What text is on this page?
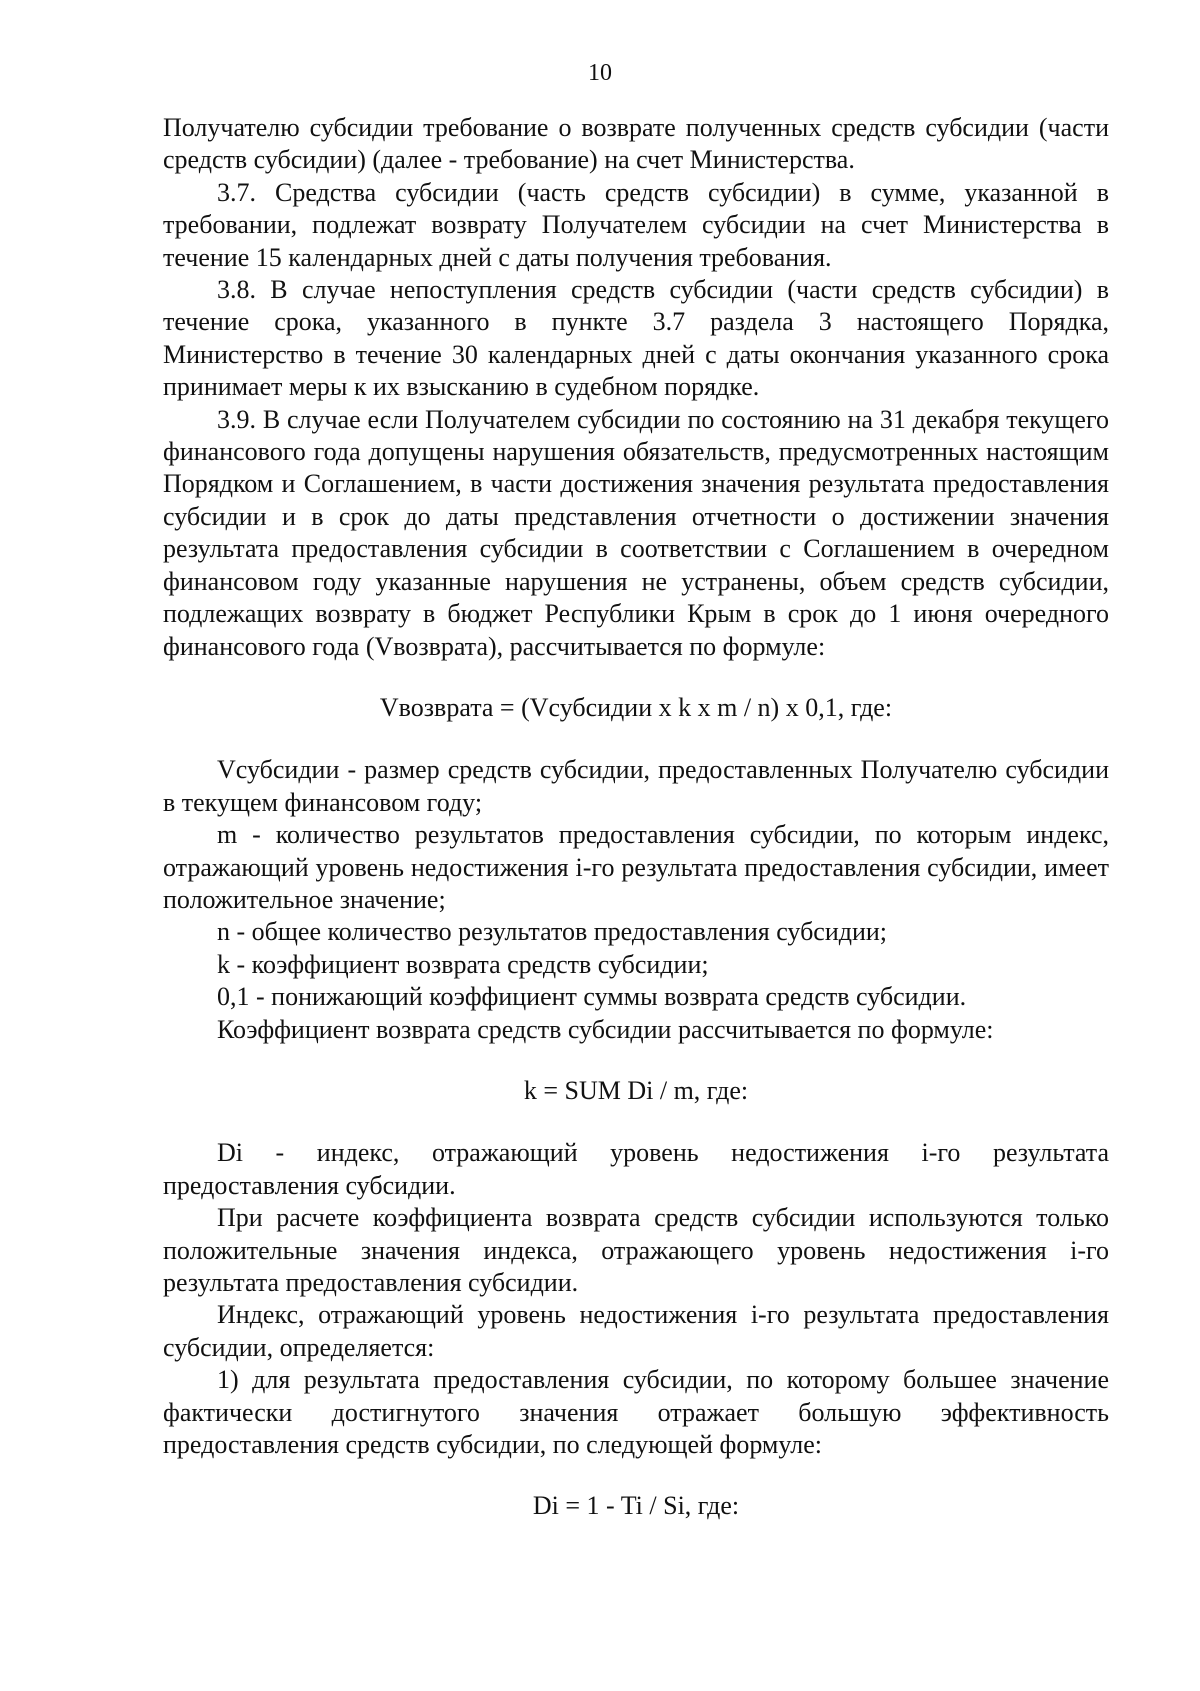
10

Получателю субсидии требование о возврате полученных средств субсидии (части средств субсидии) (далее - требование) на счет Министерства.

3.7. Средства субсидии (часть средств субсидии) в сумме, указанной в требовании, подлежат возврату Получателем субсидии на счет Министерства в течение 15 календарных дней с даты получения требования.

3.8. В случае непоступления средств субсидии (части средств субсидии) в течение срока, указанного в пункте 3.7 раздела 3 настоящего Порядка, Министерство в течение 30 календарных дней с даты окончания указанного срока принимает меры к их взысканию в судебном порядке.

3.9. В случае если Получателем субсидии по состоянию на 31 декабря текущего финансового года допущены нарушения обязательств, предусмотренных настоящим Порядком и Соглашением, в части достижения значения результата предоставления субсидии и в срок до даты представления отчетности о достижении значения результата предоставления субсидии в соответствии с Соглашением в очередном финансовом году указанные нарушения не устранены, объем средств субсидии, подлежащих возврату в бюджет Республики Крым в срок до 1 июня очередного финансового года (Vвозврата), рассчитывается по формуле:

Vвозврата = (Vсубсидии x k x m / n) x 0,1, где:

Vсубсидии - размер средств субсидии, предоставленных Получателю субсидии в текущем финансовом году;

m - количество результатов предоставления субсидии, по которым индекс, отражающий уровень недостижения i-го результата предоставления субсидии, имеет положительное значение;

n - общее количество результатов предоставления субсидии;

k - коэффициент возврата средств субсидии;

0,1 - понижающий коэффициент суммы возврата средств субсидии.

Коэффициент возврата средств субсидии рассчитывается по формуле:

k = SUM Di / m, где:

Di - индекс, отражающий уровень недостижения i-го результата предоставления субсидии.

При расчете коэффициента возврата средств субсидии используются только положительные значения индекса, отражающего уровень недостижения i-го результата предоставления субсидии.

Индекс, отражающий уровень недостижения i-го результата предоставления субсидии, определяется:

1) для результата предоставления субсидии, по которому большее значение фактически достигнутого значения отражает большую эффективность предоставления средств субсидии, по следующей формуле:

Di = 1 - Ti / Si, где:
